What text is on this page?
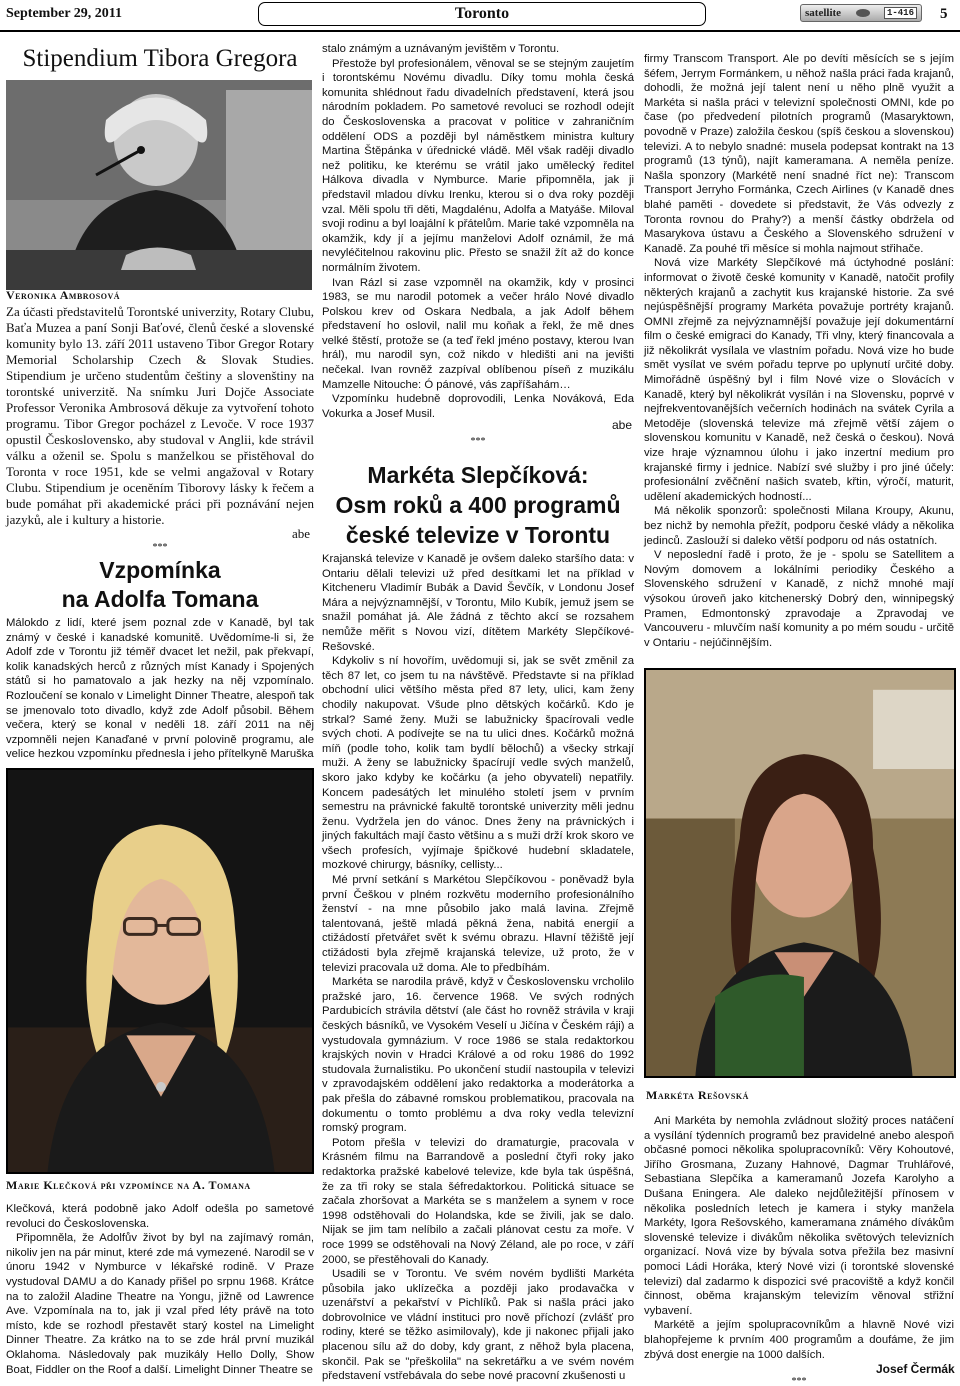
September 29, 2011	Toronto	satellite	1-416 5
Stipendium Tibora Gregora
Veronika Ambrosová

Za účasti představitelů Torontské univerzity, Rotary Clubu, Baťa Muzea a paní Sonji Baťové, členů české a slovenské komunity bylo 13. září 2011 ustaveno Tibor Gregor Rotary Memorial Scholarship Czech & Slovak Studies. Stipendium je určeno studentům češtiny a slovenštiny na torontské univerzitě. Na snímku Juri Dojče Associate Professor Veronika Ambrosová děkuje za vytvoření tohoto programu. Tibor Gregor pocházel z Levoče. V roce 1937 opustil Československo, aby studoval v Anglii, kde strávil válku a oženil se. Spolu s manželkou se přistěhoval do Toronta v roce 1951, kde se velmi angažoval v Rotary Clubu. Stipendium je oceněním Tiborovy lásky k řečem a bude pomáhat při akademické práci při poznávání nejen jazyků, ale i kultury a historie.

abe
***
Vzpomínka
na Adolfa Tomana

Málokdo z lidí, které jsem poznal zde v Kanadě, byl tak známý v české i kanadské komunitě. Uvědomíme-li si, že Adolf zde v Torontu již téměř dvacet let nežil, pak překvapí, kolik kanadských herců z různých míst Kanady i Spojených států si ho pamatovalo a jak hezky na něj vzpomínalo. Rozloučení se konalo v Limelight Dinner Theatre, alespoň tak se jmenovalo toto divadlo, když zde Adolf působil. Během večera, který se konal v neděli 18. září 2011 na něj vzpomněli nejen Kanaďané v první polovině programu, ale velice hezkou vzpomínku přednesla i jeho přítelkyně Maruška

Marie Klečková při vzpomínce na A. Tomana

Klečková, která podobně jako Adolf odešla po sametové revoluci do Československa.

Připomněla, že Adolfův život by byl na zajímavý román, nikoliv jen na pár minut, které zde má vymezené. Narodil se v únoru 1942 v Nymburce v lékařské rodině. V Praze vystudoval DAMU a do Kanady přišel po srpnu 1968. Krátce na to založil Aladine Theatre na Yongu, jižně od Lawrence Ave. Vzpomínala na to, jak ji vzal před léty právě na toto místo, kde se rozhodl přestavět starý kostel na Limelight Dinner Theatre. Za krátko na to se zde hrál první muzikál Oklahoma. Následovaly pak muzikály Hello Dolly, Show Boat, Fiddler on the Roof a další. Limelight Dinner Theatre se

stalo známým a uznávaným jevištěm v Torontu.

Přestože byl profesionálem, věnoval se se stejným zaujetím i torontskému Novému divadlu. Díky tomu mohla česká komunita shlédnout řadu divadelních představení, která jsou národním pokladem. Po sametové revoluci se rozhodl odejít do Československa a pracovat v politice v zahraničním oddělení ODS a později byl náměstkem ministra kultury Martina Štěpánka v úřednické vládě. Měl však raději divadlo než politiku, ke kterému se vrátil jako umělecký ředitel Hálkova divadla v Nymburce. Marie připomněla, jak ji představil mladou dívku Irenku, kterou si o dva roky později vzal. Měli spolu tři děti, Magdalénu, Adolfa a Matyáše. Miloval svoji rodinu a byl loajální k přátelům. Marie také vzpomněla na okamžik, kdy jí a jejímu manželovi Adolf oznámil, že má nevyléčitelnou rakovinu plic. Přesto se snažil žít až do konce normálním životem.

Ivan Rázl si zase vzpomněl na okamžik, kdy v prosinci 1983, se mu narodil potomek a večer hrálo Nové divadlo Polskou krev od Oskara Nedbala, a jak Adolf během představení ho oslovil, nalil mu koňak a řekl, že mě dnes velké štěstí, protože se (a teď řekl jméno postavy, kterou Ivan hrál), mu narodil syn, což nikdo v hledišti ani na jevišti nečekal. Ivan rovněž zazpíval oblíbenou píseň z muzikálu Mamzelle Nitouche: Ó pánové, vás zapříšahám…

Vzpomínku hudebně doprovodili, Lenka Nováková, Eda Vokurka a Josef Musil.

abe
***
Markéta Slepčíková:
Osm roků a 400 programů
české televize v Torontu

Krajanská televize v Kanadě je ovšem daleko staršího data: v Ontariu dělali televizi už před desítkami let na příklad v Kitcheneru Vladimír Bubák a David Ševčík, v Londonu Josef Mára a nejvýznamnější, v Torontu, Milo Kubík, jemuž jsem se snažil pomáhat já. Ale žádná z těchto akcí se rozsahem nemůže měřit s Novou vizí, dítětem Markéty Slepčíkové-Rešovské.

Kdykoliv s ní hovořím, uvědomuji si, jak se svět změnil za těch 87 let, co jsem tu na návštěvě. Představte si na příklad obchodní ulici většího města před 87 lety, ulici, kam ženy chodily nakupovat. Všude plno dětských kočárků. Kdo je strkal? Samé ženy. Muži se labužnicky špacírovali vedle svých choti. A podívejte se na tu ulici dnes. Kočárků možná míň (podle toho, kolik tam bydlí bělochů) a všecky strkají muži. A ženy se labužnicky špacírují vedle svých manželů, skoro jako kdyby ke kočárku (a jeho obyvateli) nepatřily. Koncem padesátých let minulého století jsem v prvním semestru na právnické fakultě torontské univerzity měli jednu ženu. Vydržela jen do vánoc. Dnes ženy na právnických i jiných fakultách mají často většinu a s muži drží krok skoro ve všech profesích, vyjímaje špičkové hudební skladatele, mozkové chirurgy, básníky, cellisty...

Mé první setkání s Markétou Slepčíkovou - poněvadž byla první Češkou v plném rozkvětu moderního profesionálního ženství - na mne působilo jako malá lavina. Zřejmě talentovaná, ještě mladá pěkná žena, nabitá energií a ctižádostí přetvářet svět k svému obrazu. Hlavní těžiště její ctižádosti byla zřejmě krajanská televize, už proto, že v televizi pracovala už doma. Ale to předbíhám.

Markéta se narodila právě, když v Československu vrcholilo pražské jaro, 16. července 1968. Ve svých rodných Pardubicích strávila dětství (ale část ho rovněž strávila v kraji českých básníků, ve Vysokém Veselí u Jičína v Českém ráji) a vystudovala gymnázium. V roce 1986 se stala redaktorkou krajských novin v Hradci Králové a od roku 1986 do 1992 studovala žurnalistiku. Po ukončení studií nastoupila v televizi v zpravodajském oddělení jako redaktorka a moderátorka a pak přešla do zábavné romskou problematikou, pracovala na dokumentu o tomto problému a dva roky vedla televizní romský program.

Potom přešla v televizi do dramaturgie, pracovala v Krásném filmu na Barrandově a poslední čtyři roky jako redaktorka pražské kabelové televize, kde byla tak úspěšná, že za tři roky se stala šéfredaktorkou. Politická situace se začala zhoršovat a Markéta se s manželem a synem v roce 1998 odstěhovali do Holandska, kde se živili, jak se dalo. Nijak se jim tam nelíbilo a začali plánovat cestu za moře. V roce 1999 se odstěhovali na Nový Zéland, ale po roce, v září 2000, se přestěhovali do Kanady.

Usadili se v Torontu. Ve svém novém bydlišti Markéta působila jako uklízečka a později jako prodavačka v uzenářství a pekařství v Pichlíků. Pak si našla práci jako dobrovolnice ve vládní instituci pro nově příchozí (zvlášť pro rodiny, které se těžko asimilovaly), kde ji nakonec přijali jako placenou sílu až do doby, kdy grant, z něhož byla placena, skončil. Pak se "přeškolila" na sekretářku a ve svém novém představení vstřebávala do sebe nové pracovní zkušenosti u

firmy Transcom Transport. Ale po devíti měsících se s jejím šéfem, Jerrym Formánkem, u něhož našla práci řada krajanů, dohodli, že možná její talent není u něho plně využit a Markéta si našla práci v televizní společnosti OMNI, kde po čase (po předvedení pilotních programů (Masaryktown, povodně v Praze) založila českou (spíš českou a slovenskou) televizi. A to nebylo snadné: musela podepsat kontrakt na 13 programů (13 týnů), najít kameramana. A neměla peníze. Našla sponzory (Markétě není snadné říct ne): Transcom Transport Jerryho Formánka, Czech Airlines (v Kanadě dnes blahé paměti - dovedete si představit, že Vás odvezly z Toronta rovnou do Prahy?) a menší částky obdržela od Masarykova ústavu a Českého a Slovenského sdružení v Kanadě. Za pouhé tři měsíce si mohla najmout střihače.

Nová vize Markéty Slepčíkové má úctyhodné poslání: informovat o životě české komunity v Kanadě, natočit profily některých krajanů a zachytit kus krajanské historie. Za své nejúspěšnější programy Markéta považuje portréty krajanů. OMNI zřejmě za nejvýznamnější považuje její dokumentární film o české emigraci do Kanady, Tři vlny, který financovala a již několikrát vysílala ve vlastním pořadu. Nová vize ho bude smět vysílat ve svém pořadu teprve po uplynutí určité doby. Mimořádně úspěšný byl i film Nové vize o Slovácích v Kanadě, který byl několikrát vysílán i na Slovensku, poprvé v nejfrekventovanějších večerních hodinách na svátek Cyrila a Metoděje (slovenská televize má zřejmě větší zájem o slovenskou komunitu v Kanadě, než česká o českou). Nová vize hraje významnou úlohu i jako inzertní medium pro krajanské firmy i jednice. Nabízí své služby i pro jiné účely: profesionální zvěčnění našich svateb, křtin, výročí, maturit, udělení akademických hodností...

Má několik sponzorů: společnosti Milana Kroupy, Akunu, bez nichž by nemohla přežít, podporu české vlády a několika jedinců. Zaslouží si daleko větší podporu od nás ostatních.

V neposlední řadě i proto, že je - spolu se Satellitem a Novým domovem a lokálními periodiky Českého a Slovenského sdružení v Kanadě, z nichž mnohé mají výsokou úroveň jako kitchenerský Dobrý den, winnipegský Pramen, Edmontonský zpravodaje a Zpravodaj ve Vancouveru - mluvčím naší komunity a po mém soudu - určitě v Ontariu - nejúčinnějším.

Markéta Rešovská

Ani Markéta by nemohla zvládnout složitý proces natáčení a vysílání týdenních programů bez pravidelné anebo alespoň občasné pomoci několika spolupracovníků: Věry Kohoutové, Jiřího Grosmana, Zuzany Hahnové, Dagmar Truhlářové, Sebastiana Slepčíka a kameramanů Jozefa Karolyho a Dušana Eningera. Ale daleko nejdůležitější přínosem v několika posledních letech je kamera i styky manžela Markéty, Igora Rešovského, kameramana známého dívákům slovenské televize i divákům několika světových televizních organizací. Nová vize by bývala sotva přežila bez masivní pomoci Ládi Horáka, který Nové vizi (i torontské slovenské televizi) dal zadarmo k dispozici své pracoviště a když končil činnost, oběma krajanským televizím věnoval střižní vybavení.

Markétě a jejím spolupracovníkům a hlavně Nové vizi blahopřejeme k prvním 400 programům a doufáme, že jim zbývá dost energie na 1000 dalších.

Josef Čermák
***
